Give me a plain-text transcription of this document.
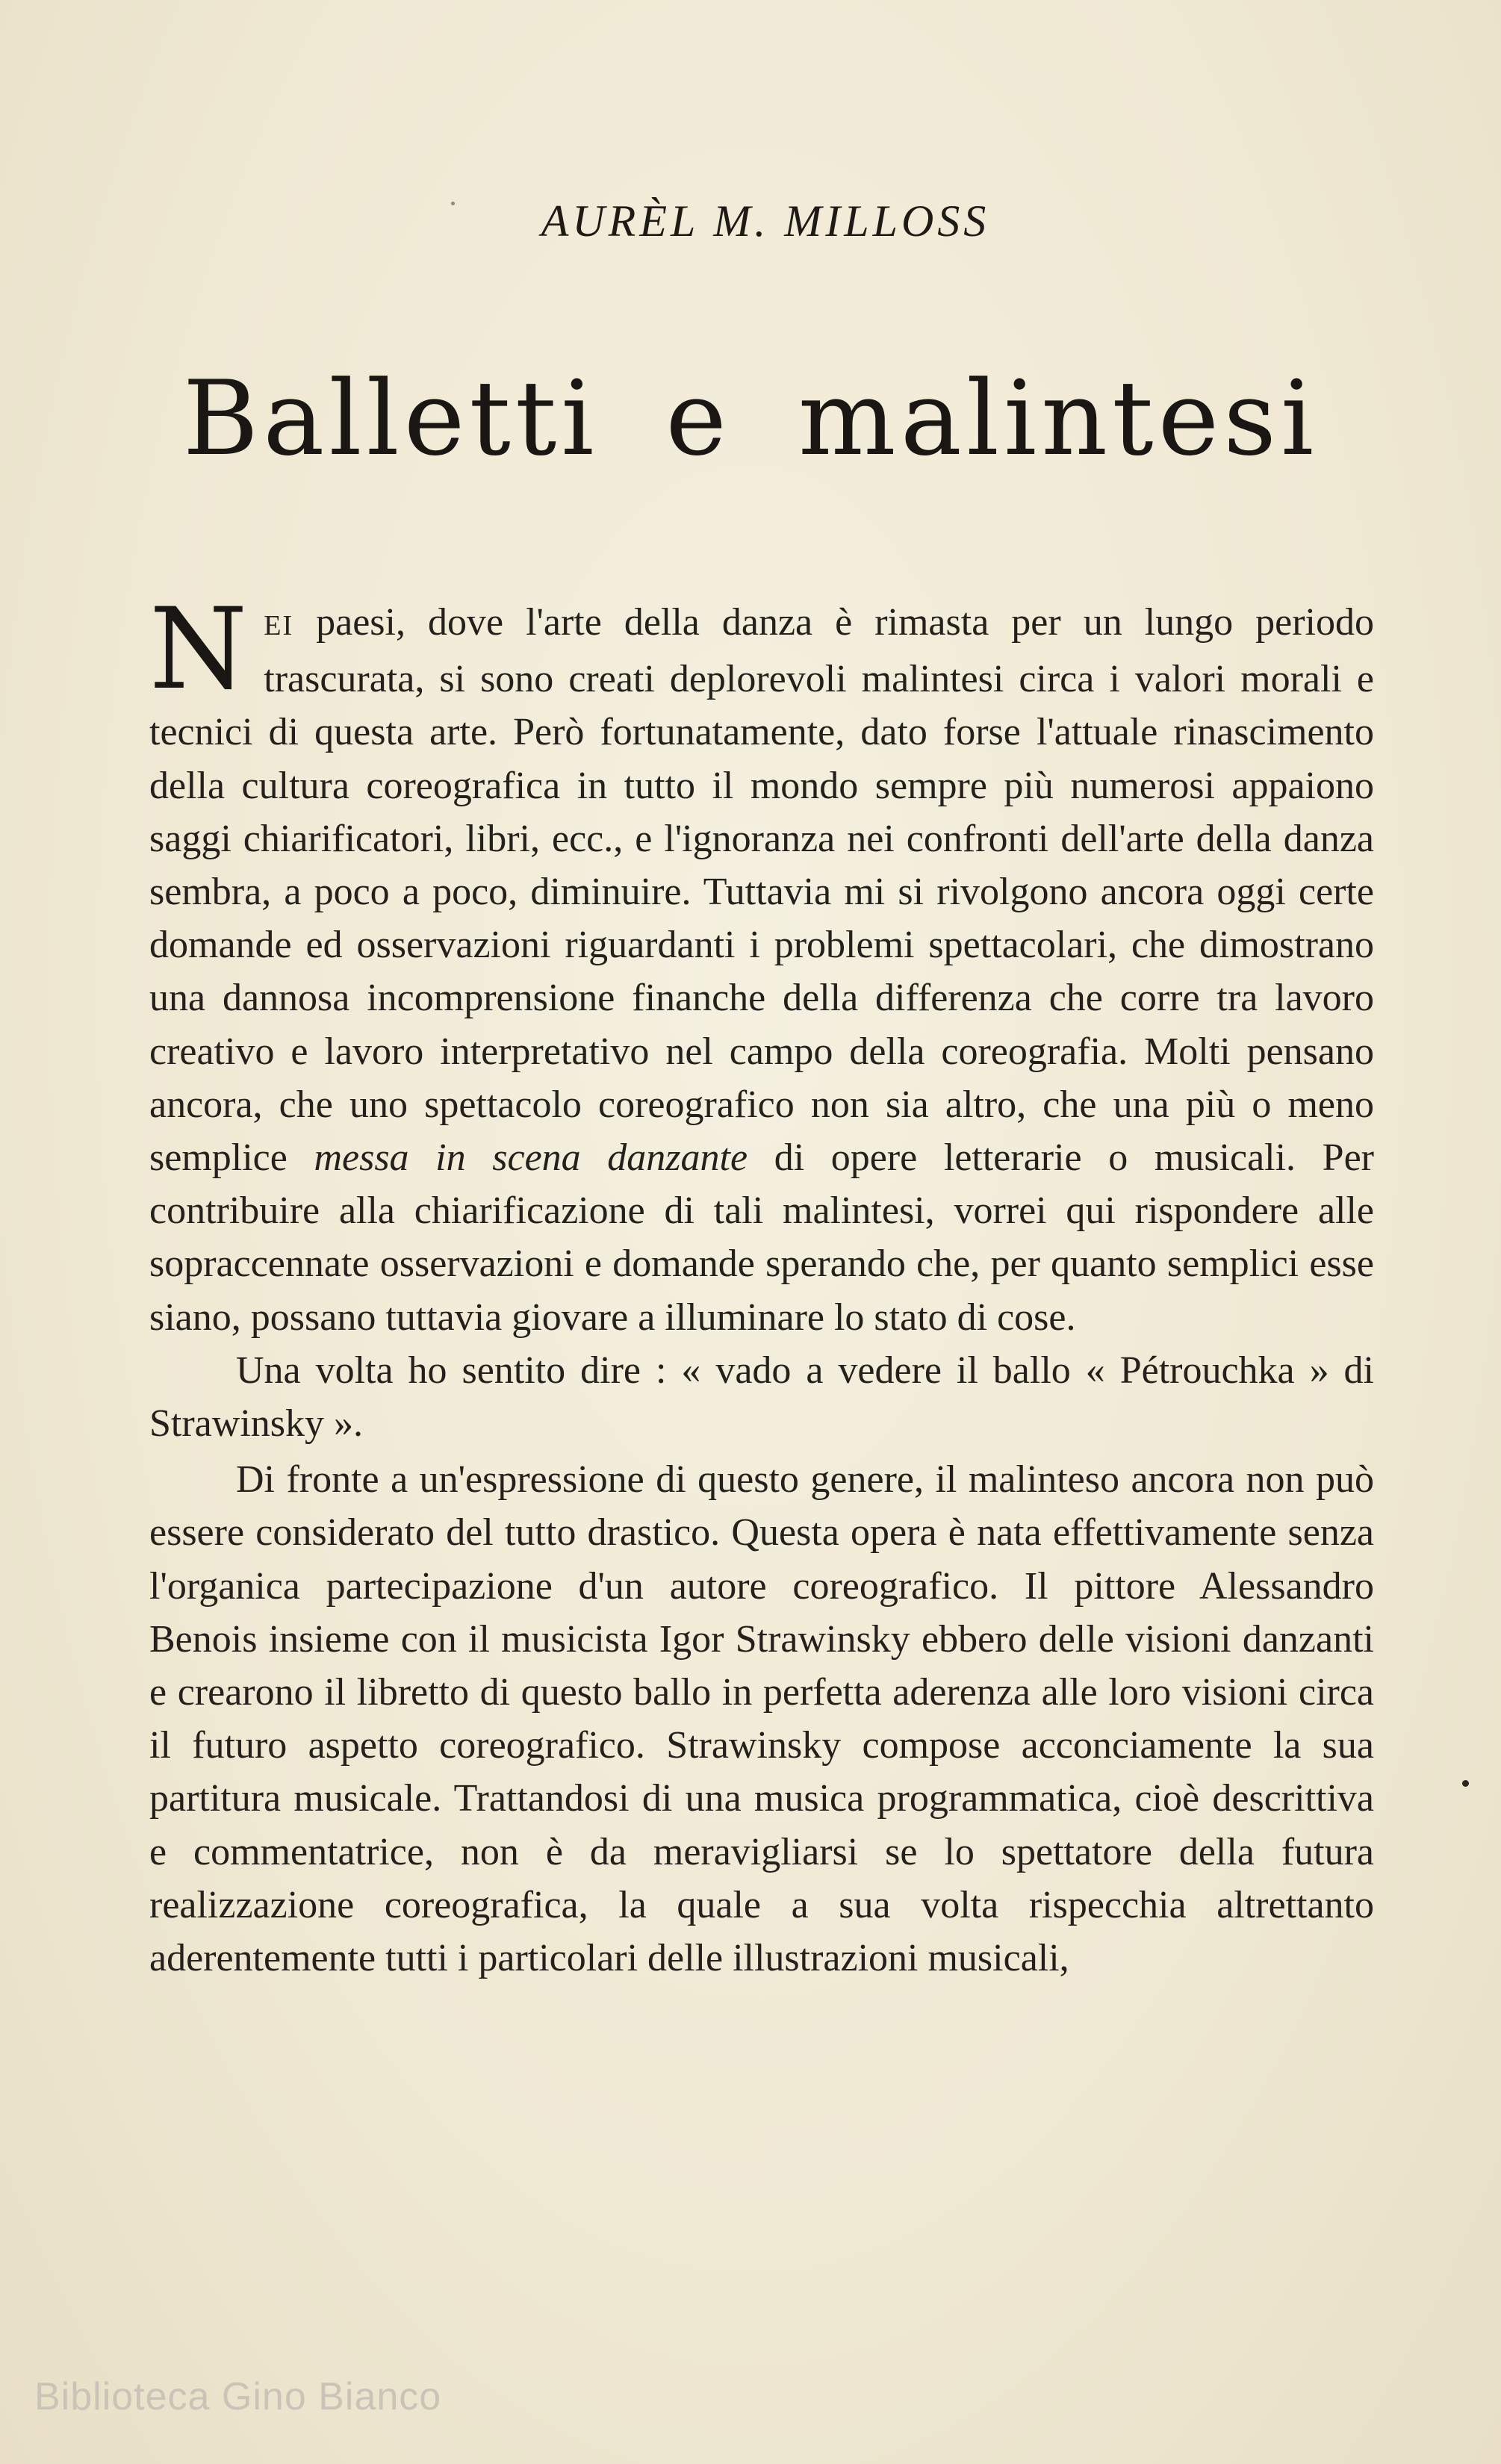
AURÈL M. MILLOSS
Balletti e malintesi

NEI paesi, dove l'arte della danza è rimasta per un lungo periodo trascurata, si sono creati deplorevoli malintesi circa i valori morali e tecnici di questa arte. Però fortunatamente, dato forse l'attuale rinascimento della cultura coreografica in tutto il mondo sempre più numerosi appaiono saggi chiarificatori, libri, ecc., e l'ignoranza nei confronti dell'arte della danza sembra, a poco a poco, diminuire. Tuttavia mi si rivolgono ancora oggi certe domande ed osservazioni riguardanti i problemi spettacolari, che dimostrano una dannosa incomprensione finanche della differenza che corre tra lavoro creativo e lavoro interpretativo nel campo della coreografia. Molti pensano ancora, che uno spettacolo coreografico non sia altro, che una più o meno semplice messa in scena danzante di opere letterarie o musicali. Per contribuire alla chiarificazione di tali malintesi, vorrei qui rispondere alle sopraccennate osservazioni e domande sperando che, per quanto semplici esse siano, possano tuttavia giovare a illuminare lo stato di cose.

Una volta ho sentito dire : « vado a vedere il ballo « Pétrouchka » di Strawinsky ».

Di fronte a un'espressione di questo genere, il malinteso ancora non può essere considerato del tutto drastico. Questa opera è nata effettivamente senza l'organica partecipazione d'un autore coreografico. Il pittore Alessandro Benois insieme con il musicista Igor Strawinsky ebbero delle visioni danzanti e crearono il libretto di questo ballo in perfetta aderenza alle loro visioni circa il futuro aspetto coreografico. Strawinsky compose acconciamente la sua partitura musicale. Trattandosi di una musica programmatica, cioè descrittiva e commentatrice, non è da meravigliarsi se lo spettatore della futura realizzazione coreografica, la quale a sua volta rispecchia altrettanto aderentemente tutti i particolari delle illustrazioni musicali,

Biblioteca Gino Bianco
